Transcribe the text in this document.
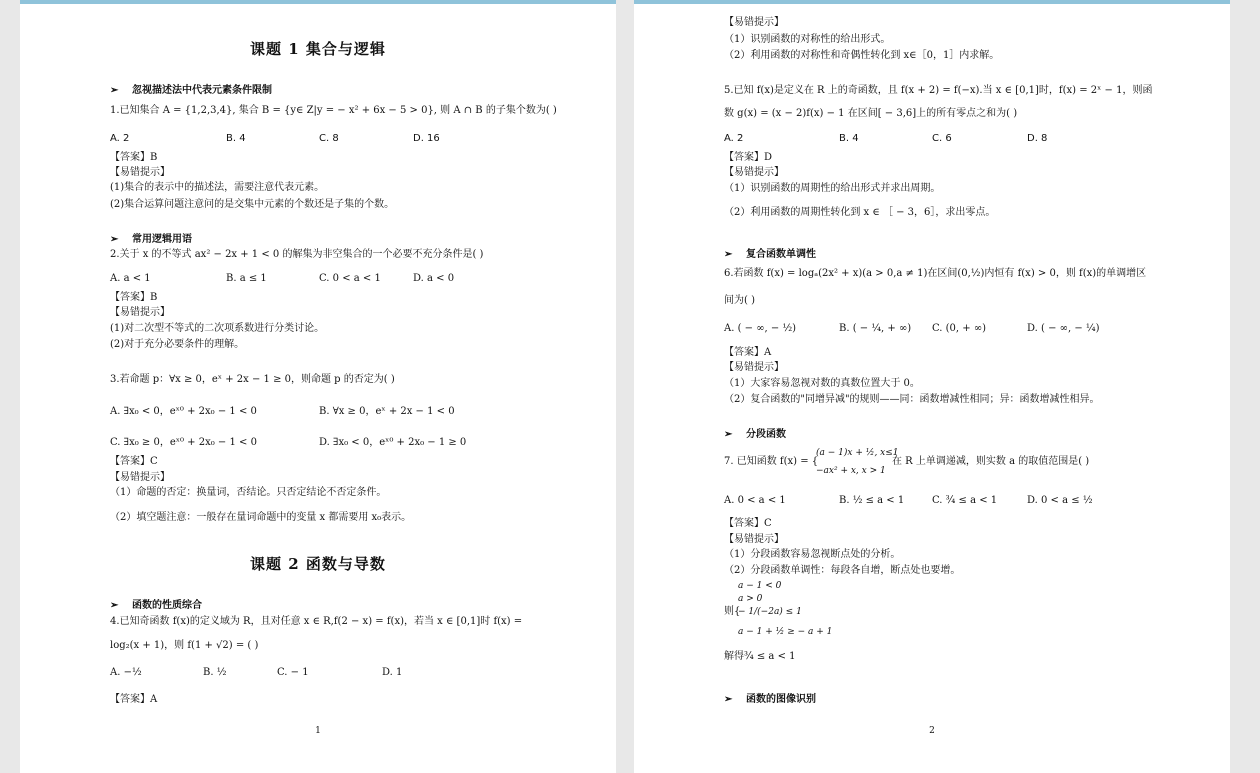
课题 1 集合与逻辑
➢ 忽视描述法中代表元素条件限制
1.已知集合 A = {1,2,3,4}, 集合 B = {y∈ Z|y = − x² + 6x − 5 > 0}, 则 A ∩ B 的子集个数为( )
A. 2	B. 4	C. 8	D. 16
【答案】B
【易错提示】
(1)集合的表示中的描述法，需要注意代表元素。
(2)集合运算问题注意问的是交集中元素的个数还是子集的个数。
➢ 常用逻辑用语
2.关于 x 的不等式 ax² − 2x + 1 < 0 的解集为非空集合的一个必要不充分条件是( )
A. a < 1	B. a ≤ 1	C. 0 < a < 1	D. a < 0
【答案】B
【易错提示】
(1)对二次型不等式的二次项系数进行分类讨论。
(2)对于充分必要条件的理解。
3.若命题 p：∀x ≥ 0，eˣ + 2x − 1 ≥ 0，则命题 p 的否定为( )
A. ∃x₀ < 0，eˣ⁰ + 2x₀ − 1 < 0	B. ∀x ≥ 0，eˣ + 2x − 1 < 0
C. ∃x₀ ≥ 0，eˣ⁰ + 2x₀ − 1 < 0	D. ∃x₀ < 0，eˣ⁰ + 2x₀ − 1 ≥ 0
【答案】C
【易错提示】
（1）命题的否定：换量词，否结论。只否定结论不否定条件。
（2）填空题注意：一般存在量词命题中的变量 x 都需要用 x₀表示。
课题 2 函数与导数
➢ 函数的性质综合
4.已知奇函数 f(x)的定义域为 R，且对任意 x ∈ R,f(2 − x) = f(x)，若当 x ∈ [0,1]时 f(x) =
log₂(x + 1)，则 f(1 + √2) = ( )
A. −½	B. ½	C. − 1	D. 1
【答案】A
1
【易错提示】
（1）识别函数的对称性的给出形式。
（2）利用函数的对称性和奇偶性转化到 x∈［0，1］内求解。
5.已知 f(x)是定义在 R 上的奇函数，且 f(x + 2) = f(−x).当 x ∈ [0,1]时，f(x) = 2ˣ − 1，则函
数 g(x) = (x − 2)f(x) − 1 在区间[ − 3,6]上的所有零点之和为( )
A. 2	B. 4	C. 6	D. 8
【答案】D
【易错提示】
（1）识别函数的周期性的给出形式并求出周期。
（2）利用函数的周期性转化到 x ∈ ［ − 3，6］，求出零点。
➢ 复合函数单调性
6.若函数 f(x) = logₐ(2x² + x)(a > 0,a ≠ 1)在区间(0,½)内恒有 f(x) > 0，则 f(x)的单调增区
间为( )
A. ( − ∞, − ½)	B. ( − ¼, + ∞) C. (0, + ∞)	D. ( − ∞, − ¼)
【答案】A
【易错提示】
（1）大家容易忽视对数的真数位置大于 0。
（2）复合函数的"同增异减"的规则——同：函数增减性相同；异：函数增减性相异。
➢ 分段函数
7. 已知函数 f(x) = {
(a − 1)x + ½, x≤1
−ax² + x, x > 1
在 R 上单调递减，则实数 a 的取值范围是( )
A. 0 < a < 1	B. ½ ≤ a < 1	C. ¾ ≤ a < 1	D. 0 < a ≤ ½
【答案】C
【易错提示】
（1）分段函数容易忽视断点处的分析。
（2）分段函数单调性：每段各自增，断点处也要增。
a − 1 < 0
a > 0
则{
− 1/(−2a) ≤ 1
a − 1 + ½ ≥ − a + 1
解得¾ ≤ a < 1
➢ 函数的图像识别
2
